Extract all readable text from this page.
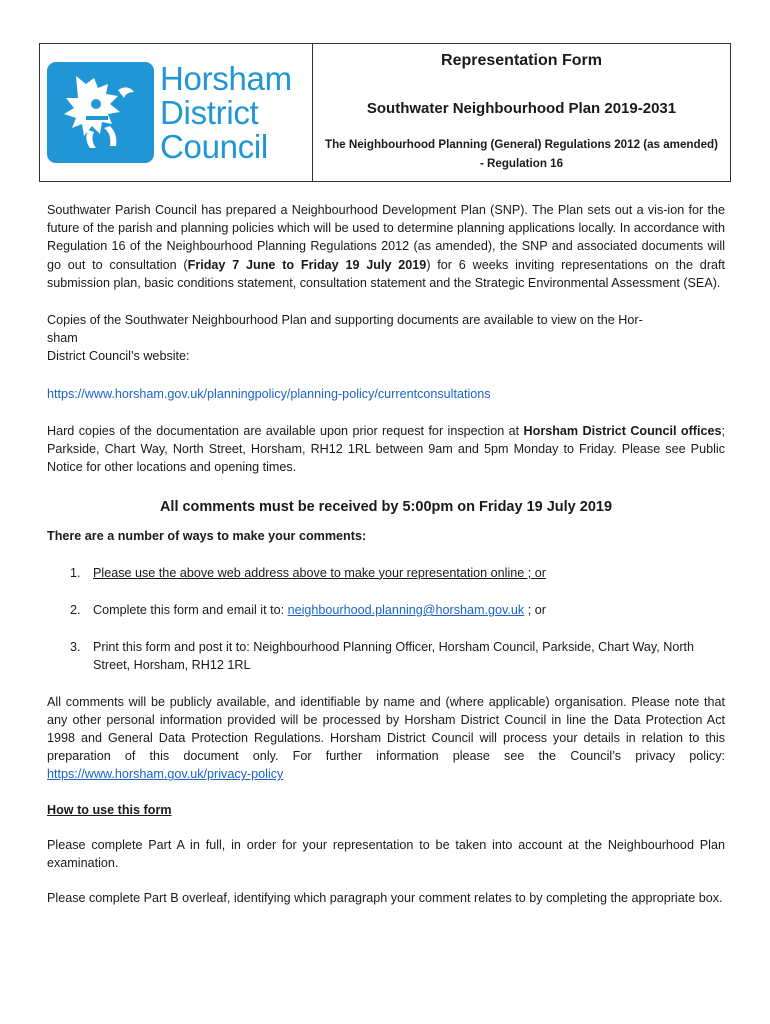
Horsham
District
Council
Representation Form
Southwater Neighbourhood Plan 2019-2031
The Neighbourhood Planning (General) Regulations 2012 (as amended) - Regulation 16

Southwater Parish Council has prepared a Neighbourhood Development Plan (SNP). The Plan sets out a vis-ion for the future of the parish and planning policies which will be used to determine planning applications locally. In accordance with Regulation 16 of the Neighbourhood Planning Regulations 2012 (as amended), the SNP and associated documents will go out to consultation (Friday 7 June to Friday 19 July 2019) for 6 weeks inviting representations on the draft submission plan, basic conditions statement, consultation statement and the Strategic Environmental Assessment (SEA).

Copies of the Southwater Neighbourhood Plan and supporting documents are available to view on the Hor-
sham
District Council’s website:

https://www.horsham.gov.uk/planningpolicy/planning-policy/currentconsultations

Hard copies of the documentation are available upon prior request for inspection at Horsham District Council offices; Parkside, Chart Way, North Street, Horsham, RH12 1RL between 9am and 5pm Monday to Friday. Please see Public Notice for other locations and opening times.

All comments must be received by 5:00pm on Friday 19 July 2019

There are a number of ways to make your comments:

1. Please use the above web address above to make your representation online ; or
2. Complete this form and email it to: neighbourhood.planning@horsham.gov.uk ; or
3. Print this form and post it to: Neighbourhood Planning Officer, Horsham Council, Parkside, Chart Way, North Street, Horsham, RH12 1RL

All comments will be publicly available, and identifiable by name and (where applicable) organisation. Please note that any other personal information provided will be processed by Horsham District Council in line the Data Protection Act 1998 and General Data Protection Regulations. Horsham District Council will process your details in relation to this preparation of this document only. For further information please see the Council’s privacy policy: https://www.horsham.gov.uk/privacy-policy

How to use this form

Please complete Part A in full, in order for your representation to be taken into account at the Neighbourhood Plan examination.

Please complete Part B overleaf, identifying which paragraph your comment relates to by completing the appropriate box.
